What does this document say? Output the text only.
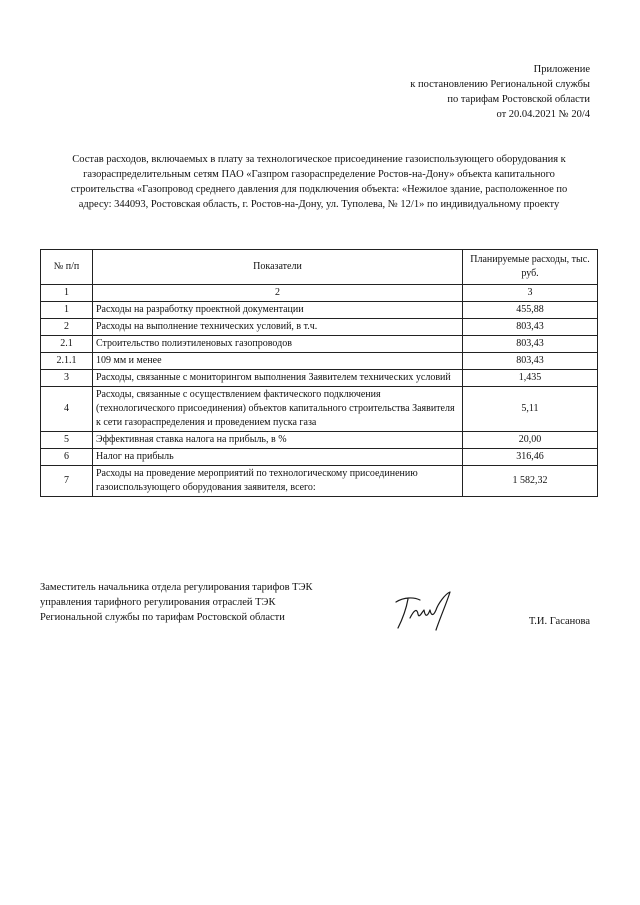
Приложение
к постановлению Региональной службы
по тарифам Ростовской области
от 20.04.2021 № 20/4
Состав расходов, включаемых в плату за технологическое присоединение газоиспользующего оборудования к
газораспределительным сетям ПАО «Газпром газораспределение Ростов-на-Дону» объекта капитального
строительства «Газопровод среднего давления для подключения объекта: «Нежилое здание, расположенное по
адресу: 344093, Ростовская область, г. Ростов-на-Дону, ул. Туполева, № 12/1» по индивидуальному проекту
№ п/п	Показатели	Планируемые расходы, тыс. руб.
1	2	3
1	Расходы на разработку проектной документации	455,88
2	Расходы на выполнение технических условий, в т.ч.	803,43
2.1	Строительство полиэтиленовых газопроводов	803,43
2.1.1	109 мм и менее	803,43
3	Расходы, связанные с мониторингом выполнения Заявителем технических условий	1,435
4	Расходы, связанные с осуществлением фактического подключения (технологического присоединения) объектов капитального строительства Заявителя к сети газораспределения и проведением пуска газа	5,11
5	Эффективная ставка налога на прибыль, в %	20,00
6	Налог на прибыль	316,46
7	Расходы на проведение мероприятий по технологическому присоединению газоиспользующего оборудования заявителя, всего:	1 582,32
Заместитель начальника отдела регулирования тарифов ТЭК
управления тарифного регулирования отраслей ТЭК
Региональной службы по тарифам Ростовской области	Т.И. Гасанова
